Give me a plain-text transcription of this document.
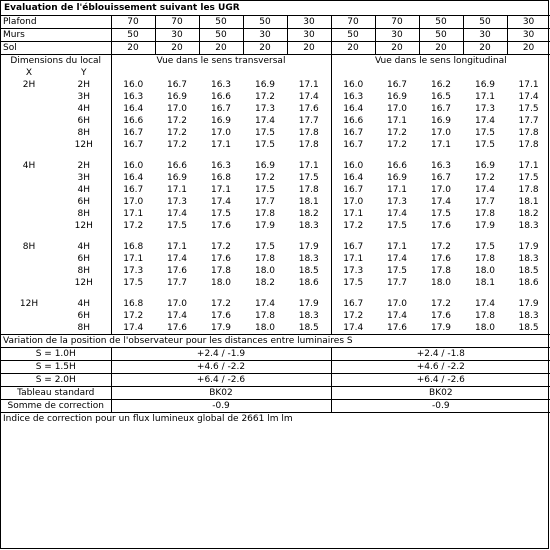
Evaluation de l'éblouissement suivant les UGR											
Plafond		70	70	50	50	30	70	70	50	50	30
Murs		50	30	50	30	30	50	30	50	30	30
Sol		20	20	20	20	20	20	20	20	20	20
Dimensions du local		Vue dans le sens transversal					Vue dans le sens longitudinal				
X	Y										
2H	2H	16.0	16.7	16.3	16.9	17.1	16.0	16.7	16.2	16.9	17.1
	3H	16.3	16.9	16.6	17.2	17.4	16.3	16.9	16.5	17.1	17.4
	4H	16.4	17.0	16.7	17.3	17.6	16.4	17.0	16.7	17.3	17.5
	6H	16.6	17.2	16.9	17.4	17.7	16.6	17.1	16.9	17.4	17.7
	8H	16.7	17.2	17.0	17.5	17.8	16.7	17.2	17.0	17.5	17.8
	12H	16.7	17.2	17.1	17.5	17.8	16.7	17.2	17.1	17.5	17.8

4H	2H	16.0	16.6	16.3	16.9	17.1	16.0	16.6	16.3	16.9	17.1
	3H	16.4	16.9	16.8	17.2	17.5	16.4	16.9	16.7	17.2	17.5
	4H	16.7	17.1	17.1	17.5	17.8	16.7	17.1	17.0	17.4	17.8
	6H	17.0	17.3	17.4	17.7	18.1	17.0	17.3	17.4	17.7	18.1
	8H	17.1	17.4	17.5	17.8	18.2	17.1	17.4	17.5	17.8	18.2
	12H	17.2	17.5	17.6	17.9	18.3	17.2	17.5	17.6	17.9	18.3

8H	4H	16.8	17.1	17.2	17.5	17.9	16.7	17.1	17.2	17.5	17.9
	6H	17.1	17.4	17.6	17.8	18.3	17.1	17.4	17.6	17.8	18.3
	8H	17.3	17.6	17.8	18.0	18.5	17.3	17.5	17.8	18.0	18.5
	12H	17.5	17.7	18.0	18.2	18.6	17.5	17.7	18.0	18.1	18.6

12H	4H	16.8	17.0	17.2	17.4	17.9	16.7	17.0	17.2	17.4	17.9
	6H	17.2	17.4	17.6	17.8	18.3	17.2	17.4	17.6	17.8	18.3
	8H	17.4	17.6	17.9	18.0	18.5	17.4	17.6	17.9	18.0	18.5
Variation de la position de l'observateur pour les distances entre luminaires S											
S = 1.0H		+2.4 / -1.9					+2.4 / -1.8				
S = 1.5H		+4.6 / -2.2					+4.6 / -2.2				
S = 2.0H		+6.4 / -2.6					+6.4 / -2.6				
Tableau standard		BK02					BK02				
Somme de correction		-0.9					-0.9				
Indice de correction pour un flux lumineux global de 2661 lm lm											
